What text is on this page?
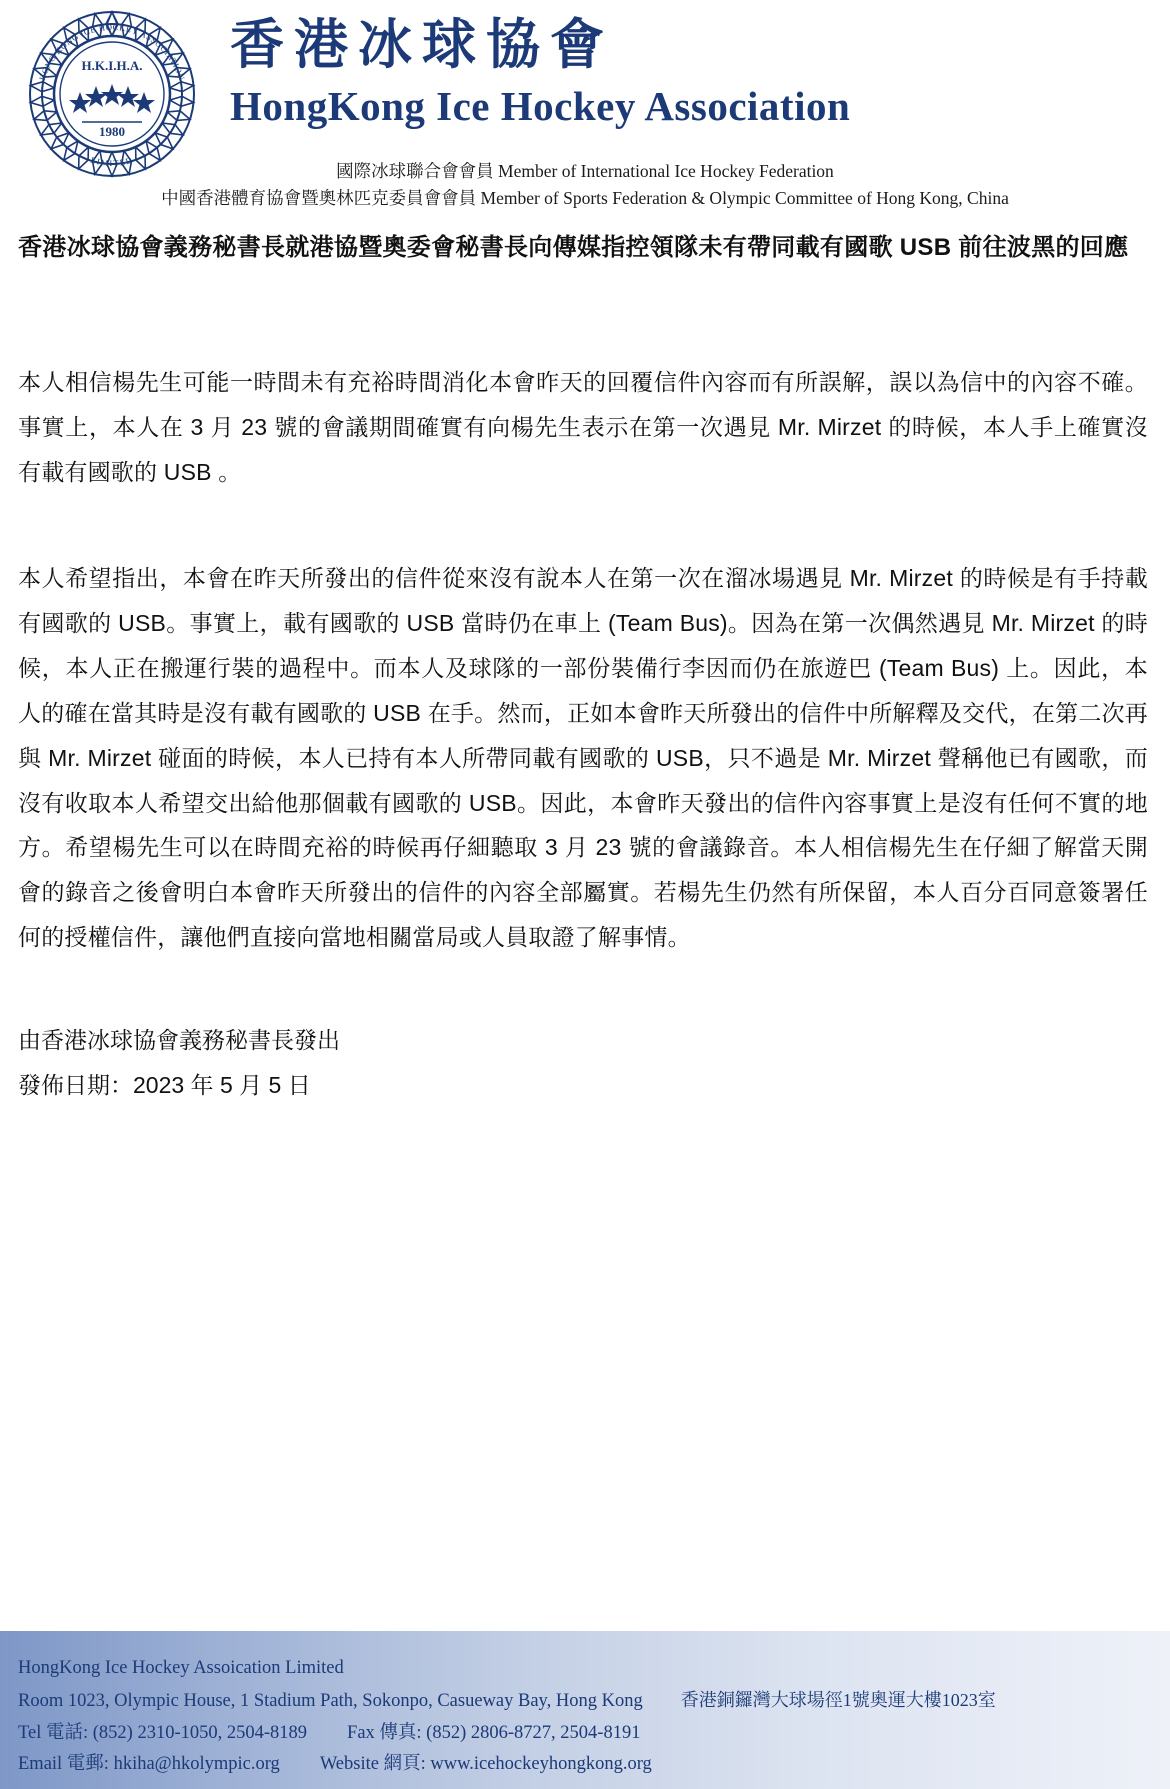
HONG KONG ICE HOCKEY ASSOCIATION
LIMITED
H.K.I.H.A.
1980
香港冰球協會
HongKong Ice Hockey Association
國際冰球聯合會會員 Member of International Ice Hockey Federation
中國香港體育協會暨奧林匹克委員會會員 Member of Sports Federation & Olympic Committee of Hong Kong, China
香港冰球協會義務秘書長就港協暨奧委會秘書長向傳媒指控領隊未有帶同載有國歌 USB 前往波黑的回應
本人相信楊先生可能一時間未有充裕時間消化本會昨天的回覆信件內容而有所誤解，誤以為信中的內容不確。事實上，本人在 3 月 23 號的會議期間確實有向楊先生表示在第一次遇見 Mr. Mirzet 的時候，本人手上確實沒有載有國歌的 USB 。
本人希望指出，本會在昨天所發出的信件從來沒有說本人在第一次在溜冰場遇見 Mr. Mirzet 的時候是有手持載有國歌的 USB。事實上，載有國歌的 USB 當時仍在車上 (Team Bus)。因為在第一次偶然遇見 Mr. Mirzet 的時候，本人正在搬運行裝的過程中。而本人及球隊的一部份裝備行李因而仍在旅遊巴 (Team Bus) 上。因此，本人的確在當其時是沒有載有國歌的 USB 在手。然而，正如本會昨天所發出的信件中所解釋及交代，在第二次再與 Mr. Mirzet 碰面的時候，本人已持有本人所帶同載有國歌的 USB，只不過是 Mr. Mirzet 聲稱他已有國歌，而沒有收取本人希望交出給他那個載有國歌的 USB。因此，本會昨天發出的信件內容事實上是沒有任何不實的地方。希望楊先生可以在時間充裕的時候再仔細聽取 3 月 23 號的會議錄音。本人相信楊先生在仔細了解當天開會的錄音之後會明白本會昨天所發出的信件的內容全部屬實。若楊先生仍然有所保留，本人百分百同意簽署任何的授權信件，讓他們直接向當地相關當局或人員取證了解事情。
由香港冰球協會義務秘書長發出
發佈日期：2023 年 5 月 5 日
HongKong Ice Hockey Assoication Limited
Room 1023, Olympic House, 1 Stadium Path, Sokonpo, Casueway Bay, Hong Kong 香港銅鑼灣大球場徑1號奧運大樓1023室
Tel 電話: (852) 2310-1050, 2504-8189 Fax 傳真: (852) 2806-8727, 2504-8191
Email 電郵: hkiha@hkolympic.org Website 網頁: www.icehockeyhongkong.org
